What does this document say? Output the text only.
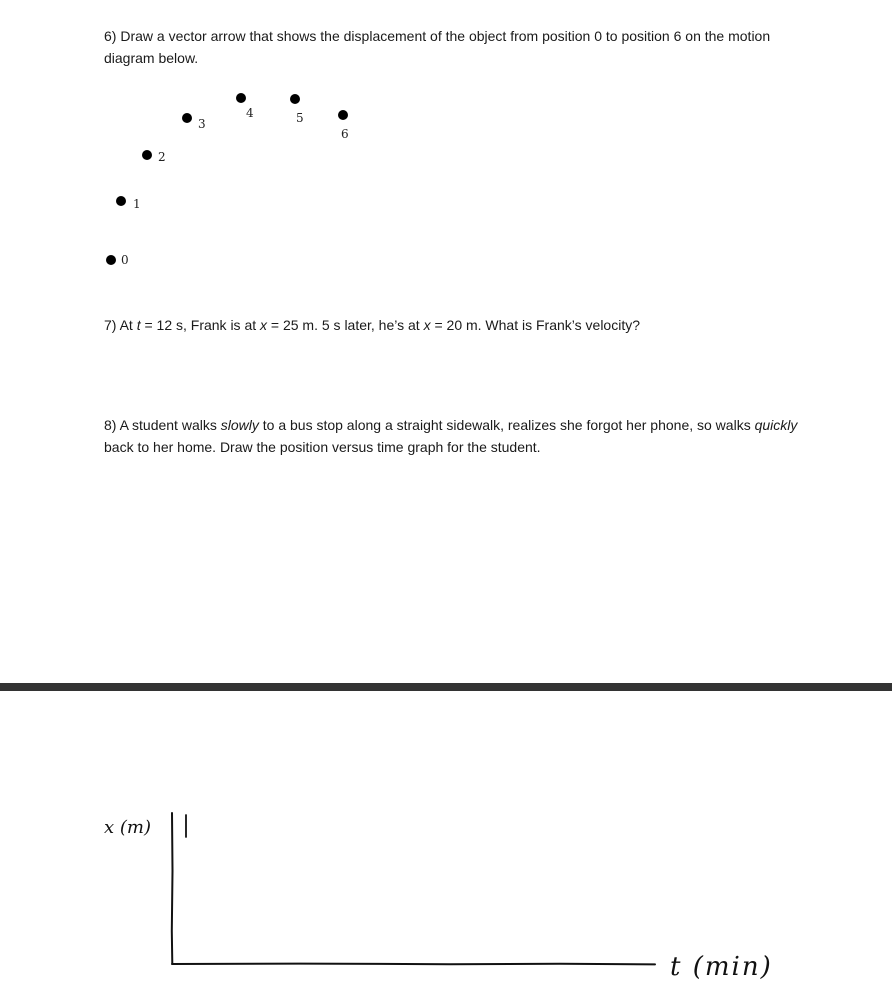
6) Draw a vector arrow that shows the displacement of the object from position 0 to position 6 on the motion diagram below.
0
1
2
3
4	5
6
7) At t = 12 s, Frank is at x = 25 m. 5 s later, he’s at x = 20 m. What is Frank’s velocity?
8) A student walks slowly to a bus stop along a straight sidewalk, realizes she forgot her phone, so walks quickly back to her home. Draw the position versus time graph for the student.
x (m)
t (min)
